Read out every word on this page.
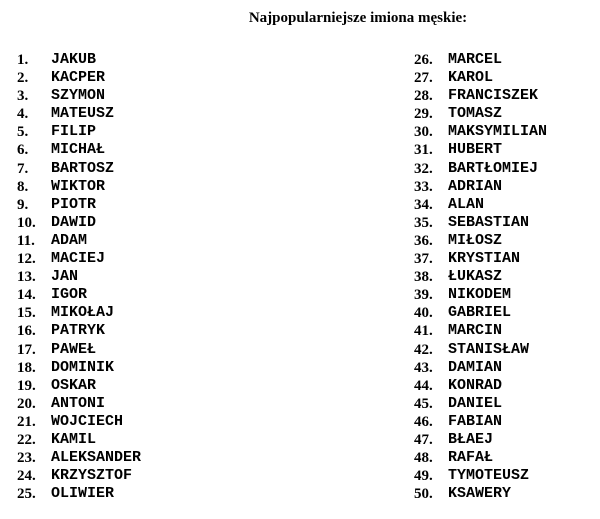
Najpopularniejsze imiona męskie:
1.	JAKUB
2.	KACPER
3.	SZYMON
4.	MATEUSZ
5.	FILIP
6.	MICHAŁ
7.	BARTOSZ
8.	WIKTOR
9.	PIOTR
10.	DAWID
11.	ADAM
12.	MACIEJ
13.	JAN
14.	IGOR
15.	MIKOŁAJ
16.	PATRYK
17.	PAWEŁ
18.	DOMINIK
19.	OSKAR
20.	ANTONI
21.	WOJCIECH
22.	KAMIL
23.	ALEKSANDER
24.	KRZYSZTOF
25.	OLIWIER
26.	MARCEL
27.	KAROL
28.	FRANCISZEK
29.	TOMASZ
30.	MAKSYMILIAN
31.	HUBERT
32.	BARTŁOMIEJ
33.	ADRIAN
34.	ALAN
35.	SEBASTIAN
36.	MIŁOSZ
37.	KRYSTIAN
38.	ŁUKASZ
39.	NIKODEM
40.	GABRIEL
41.	MARCIN
42.	STANISŁAW
43.	DAMIAN
44.	KONRAD
45.	DANIEL
46.	FABIAN
47.	BŁAEJ
48.	RAFAŁ
49.	TYMOTEUSZ
50.	KSAWERY
